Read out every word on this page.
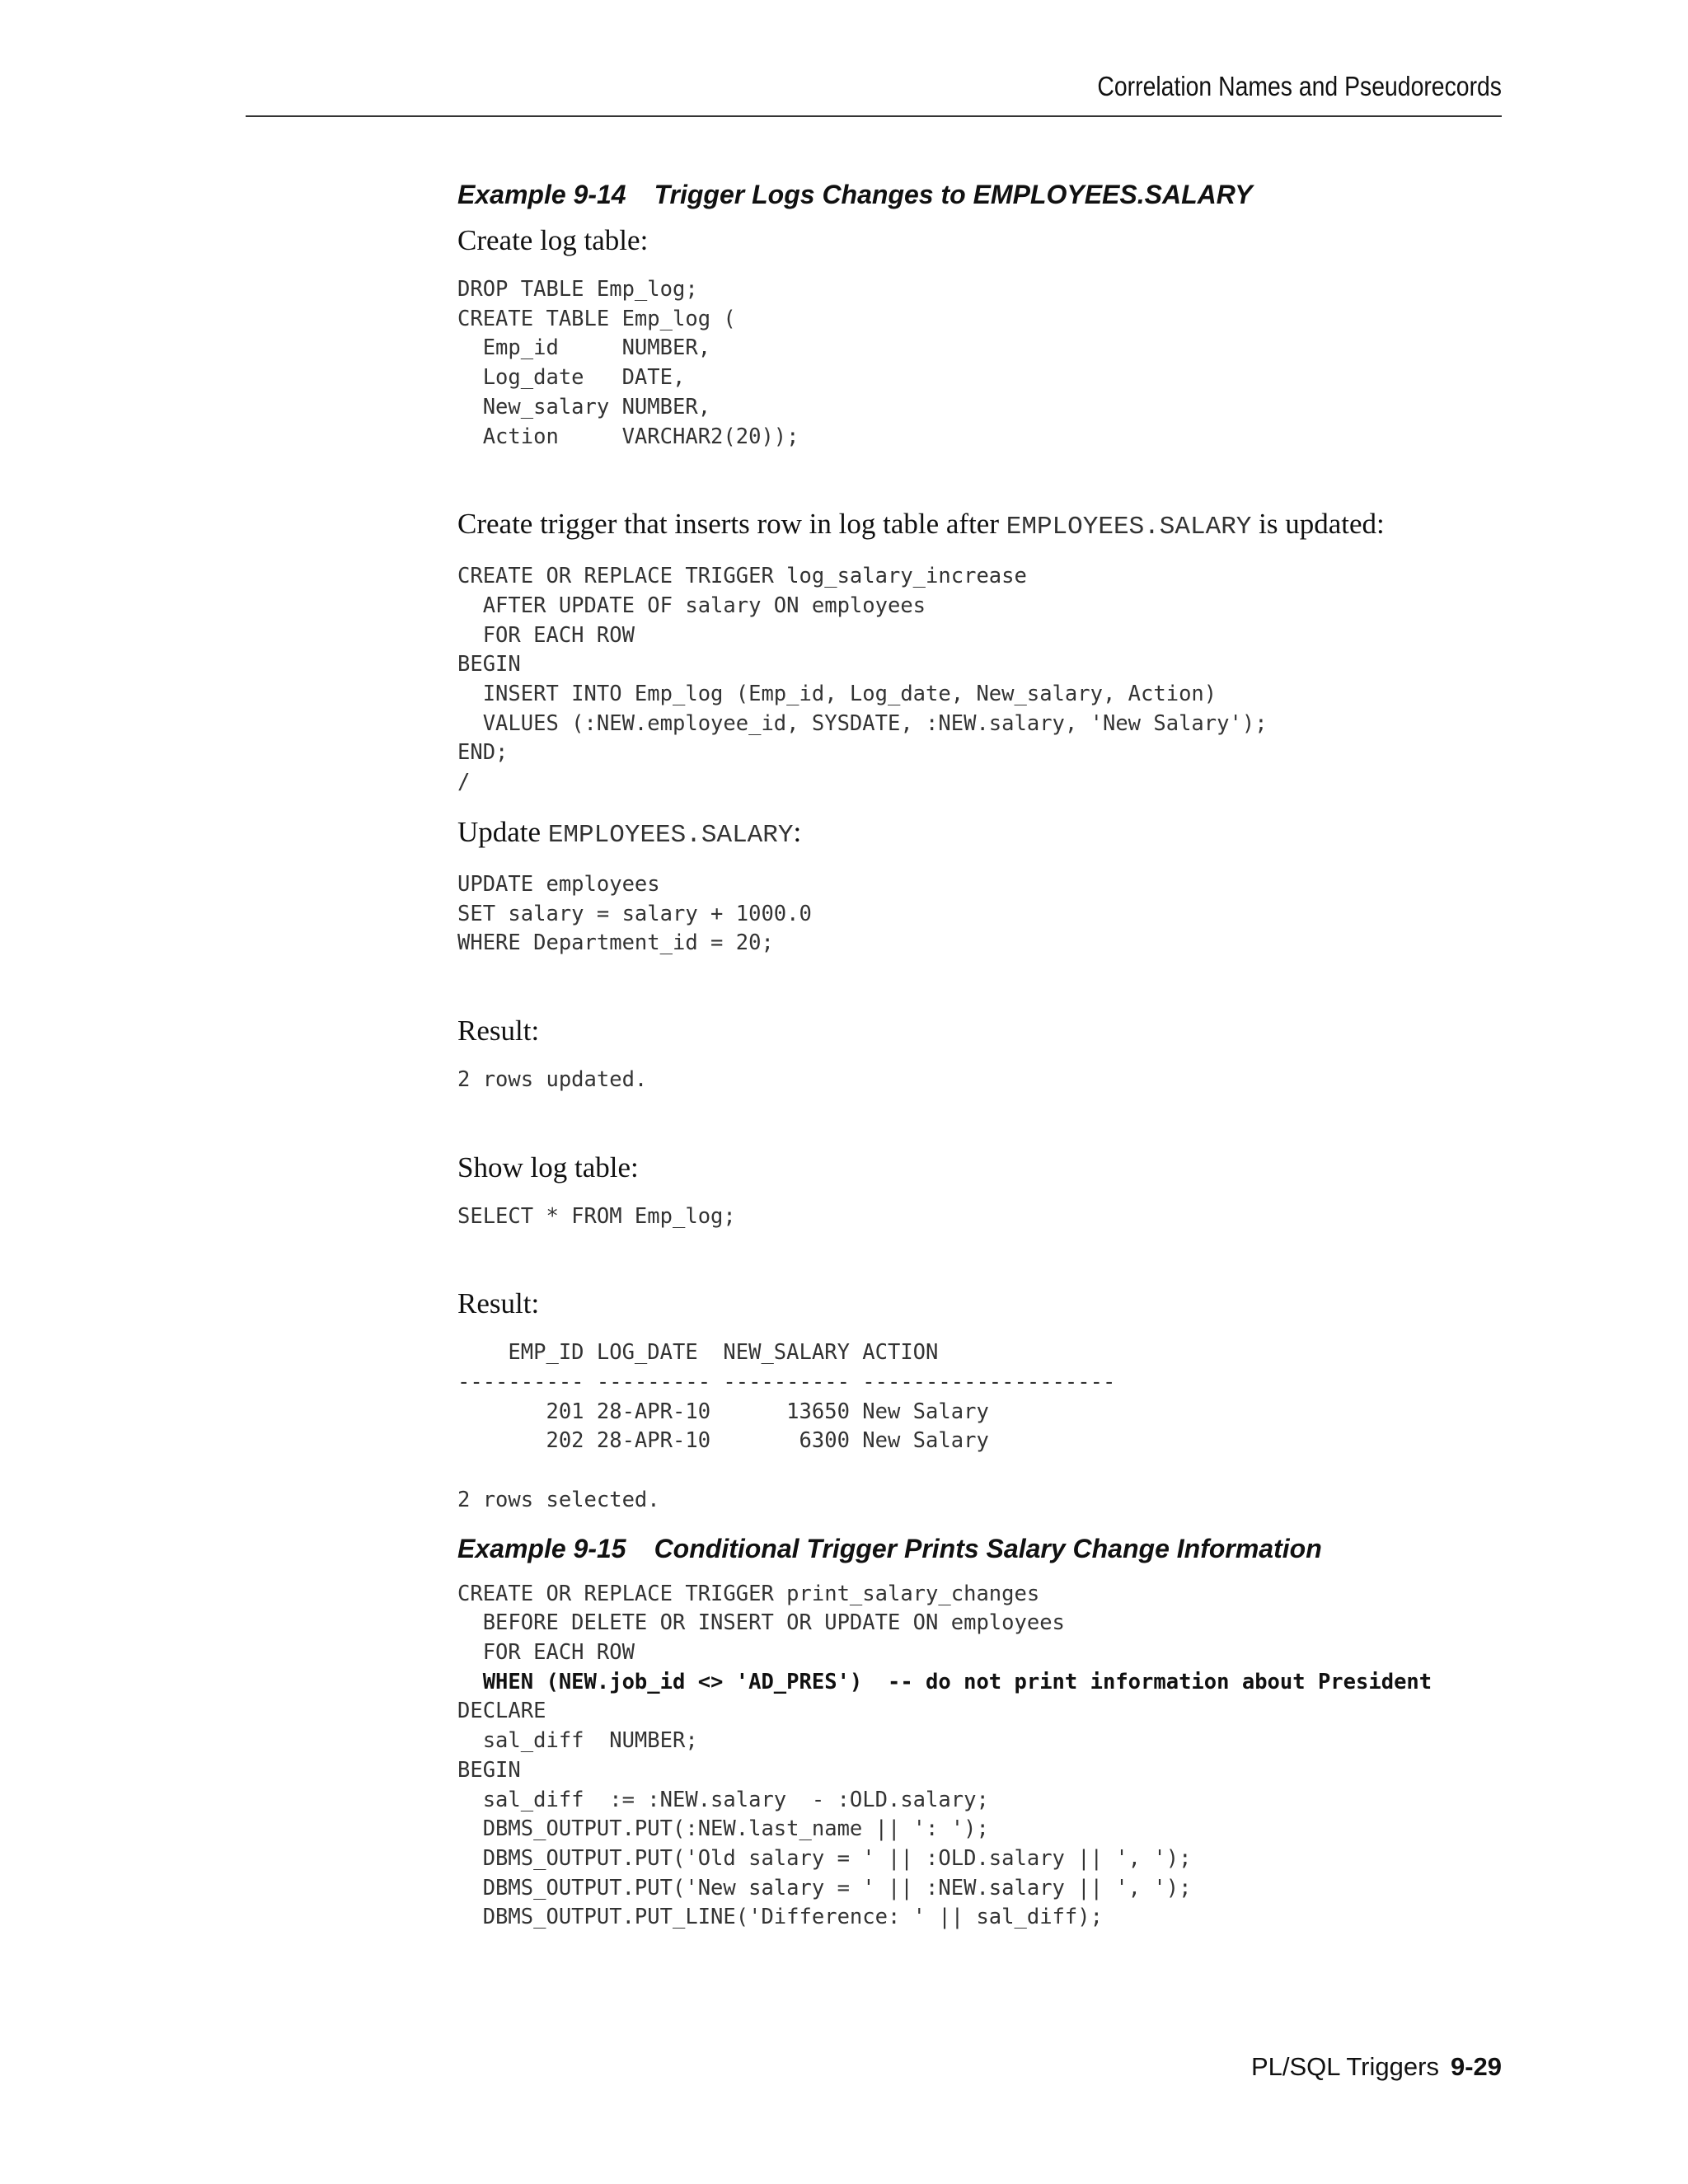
Correlation Names and Pseudorecords
Example 9-14 Trigger Logs Changes to EMPLOYEES.SALARY

Create log table:

DROP TABLE Emp_log;
CREATE TABLE Emp_log (
Emp_id     NUMBER,
Log_date   DATE,
New_salary NUMBER,
Action     VARCHAR2(20));

Create trigger that inserts row in log table after EMPLOYEES.SALARY is updated:

CREATE OR REPLACE TRIGGER log_salary_increase
AFTER UPDATE OF salary ON employees
FOR EACH ROW
BEGIN
INSERT INTO Emp_log (Emp_id, Log_date, New_salary, Action)
VALUES (:NEW.employee_id, SYSDATE, :NEW.salary, 'New Salary');
END;
/

Update EMPLOYEES.SALARY:

UPDATE employees
SET salary = salary + 1000.0
WHERE Department_id = 20;

Result:

2 rows updated.

Show log table:

SELECT * FROM Emp_log;

Result:

EMP_ID LOG_DATE  NEW_SALARY ACTION
---------- --------- ---------- --------------------
201 28-APR-10      13650 New Salary
202 28-APR-10       6300 New Salary

2 rows selected.
Example 9-15 Conditional Trigger Prints Salary Change Information
CREATE OR REPLACE TRIGGER print_salary_changes
BEFORE DELETE OR INSERT OR UPDATE ON employees
FOR EACH ROW
WHEN (NEW.job_id <> 'AD_PRES')  -- do not print information about President
DECLARE
sal_diff  NUMBER;
BEGIN
sal_diff  := :NEW.salary  - :OLD.salary;
DBMS_OUTPUT.PUT(:NEW.last_name || ': ');
DBMS_OUTPUT.PUT('Old salary = ' || :OLD.salary || ', ');
DBMS_OUTPUT.PUT('New salary = ' || :NEW.salary || ', ');
DBMS_OUTPUT.PUT_LINE('Difference: ' || sal_diff);
PL/SQL Triggers 9-29
